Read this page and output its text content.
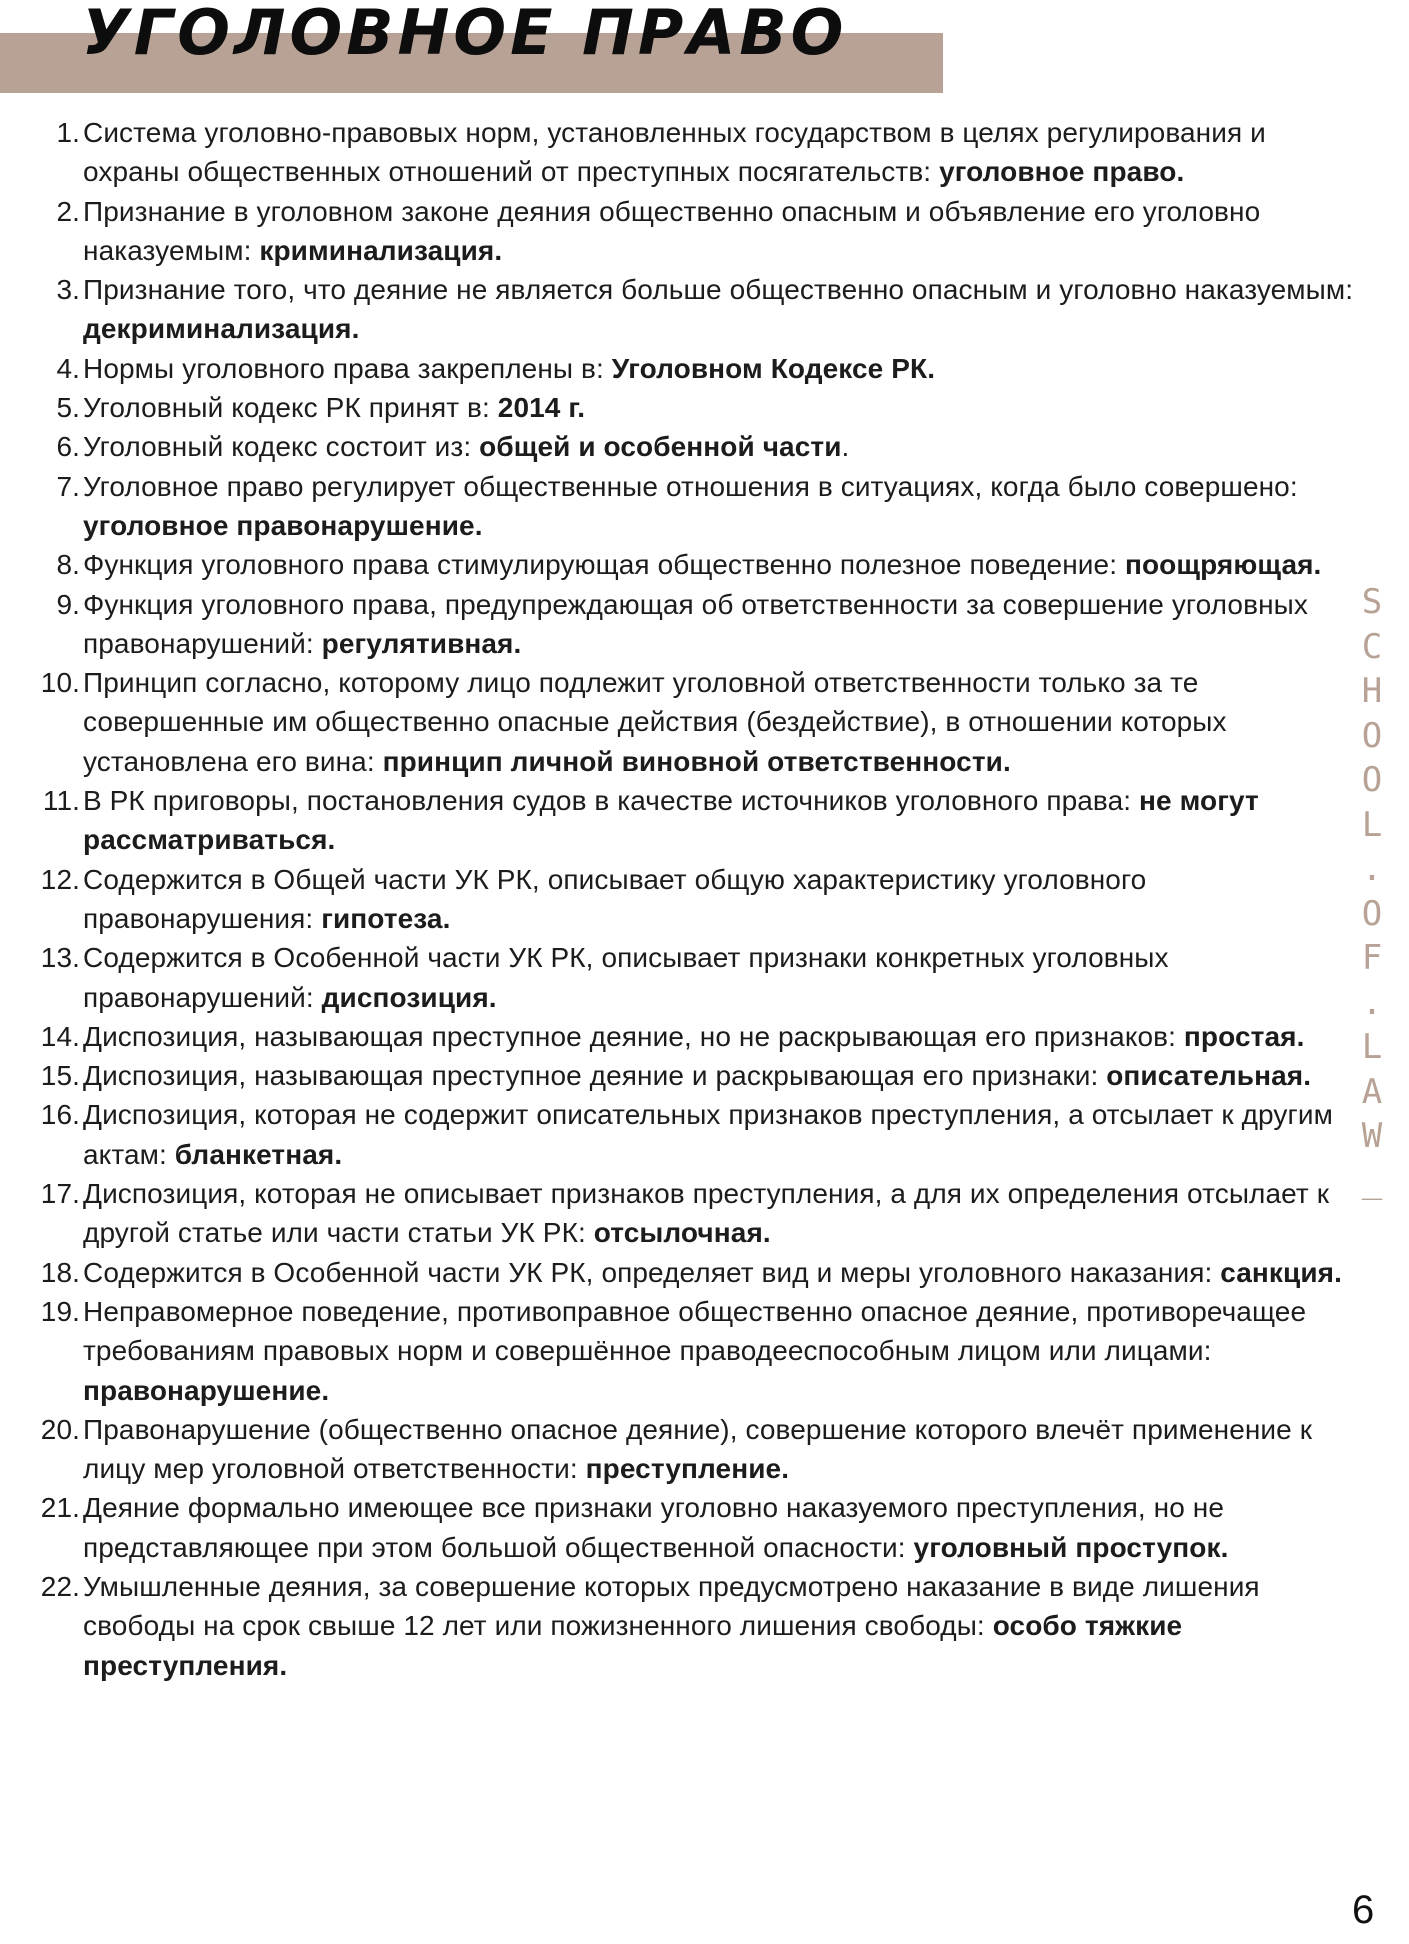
УГОЛОВНОЕ ПРАВО
1. Система уголовно-правовых норм, установленных государством в целях регулирования и охраны общественных отношений от преступных посягательств: уголовное право.
2. Признание в уголовном законе деяния общественно опасным и объявление его уголовно наказуемым: криминализация.
3. Признание того, что деяние не является больше общественно опасным и уголовно наказуемым: декриминализация.
4. Нормы уголовного права закреплены в: Уголовном Кодексе РК.
5. Уголовный кодекс РК принят в: 2014 г.
6. Уголовный кодекс состоит из: общей и особенной части.
7. Уголовное право регулирует общественные отношения в ситуациях, когда было совершено: уголовное правонарушение.
8. Функция уголовного права стимулирующая общественно полезное поведение: поощряющая.
9. Функция уголовного права, предупреждающая об ответственности за совершение уголовных правонарушений: регулятивная.
10. Принцип согласно, которому лицо подлежит уголовной ответственности только за те совершенные им общественно опасные действия (бездействие), в отношении которых установлена его вина: принцип личной виновной ответственности.
11. В РК приговоры, постановления судов в качестве источников уголовного права: не могут рассматриваться.
12. Содержится в Общей части УК РК, описывает общую характеристику уголовного правонарушения: гипотеза.
13. Содержится в Особенной части УК РК, описывает признаки конкретных уголовных правонарушений: диспозиция.
14. Диспозиция, называющая преступное деяние, но не раскрывающая его признаков: простая.
15. Диспозиция, называющая преступное деяние и раскрывающая его признаки: описательная.
16. Диспозиция, которая не содержит описательных признаков преступления, а отсылает к другим актам: бланкетная.
17. Диспозиция, которая не описывает признаков преступления, а для их определения отсылает к другой статье или части статьи УК РК: отсылочная.
18. Содержится в Особенной части УК РК, определяет вид и меры уголовного наказания: санкция.
19. Неправомерное поведение, противоправное общественно опасное деяние, противоречащее требованиям правовых норм и совершённое праводееспособным лицом или лицами: правонарушение.
20. Правонарушение (общественно опасное деяние), совершение которого влечёт применение к лицу мер уголовной ответственности: преступление.
21. Деяние формально имеющее все признаки уголовно наказуемого преступления, но не представляющее при этом большой общественной опасности: уголовный проступок.
22. Умышленные деяния, за совершение которых предусмотрено наказание в виде лишения свободы на срок свыше 12 лет или пожизненного лишения свободы: особо тяжкие преступления.
S
C
H
O
O
L
.
O
F
.
L
A
W
_
6
